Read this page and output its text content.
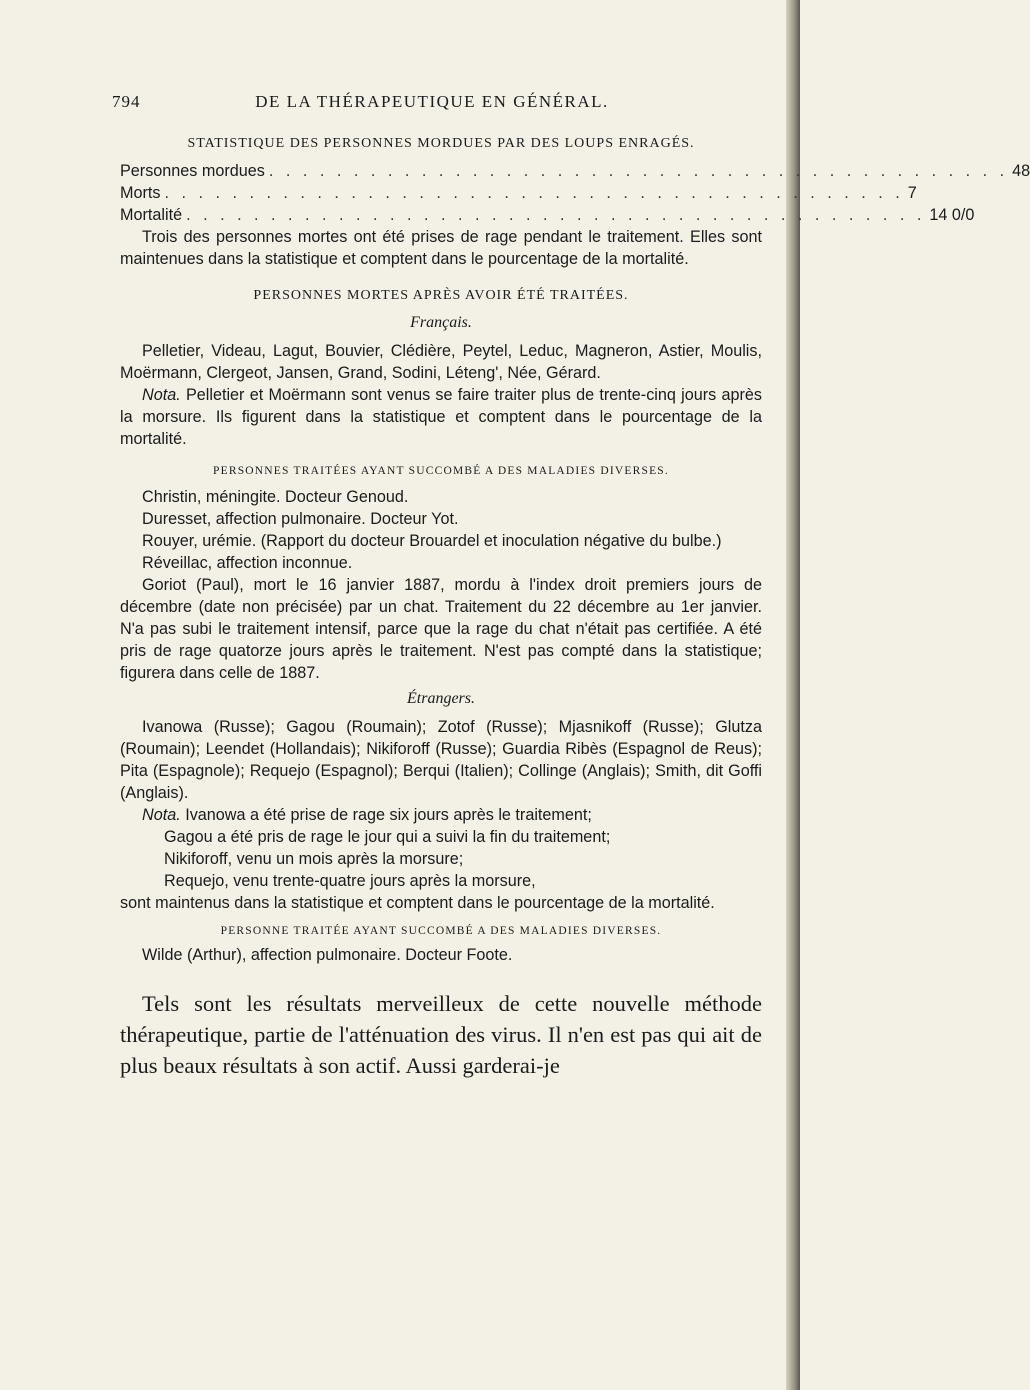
794	DE LA THÉRAPEUTIQUE EN GÉNÉRAL.
STATISTIQUE DES PERSONNES MORDUES PAR DES LOUPS ENRAGÉS.
Personnes mordues . . . . . . . . . . . . . . . . . . . . . . . . . . . . . . . . . . . . . . . . . . . . 48
Morts . . . . . . . . . . . . . . . . . . . . . . . . . . . . . . . . . . . . . . . . . . . . 7
Mortalité . . . . . . . . . . . . . . . . . . . . . . . . . . . . . . . . . . . . . . . . . . . . 14 0/0

Trois des personnes mortes ont été prises de rage pendant le traitement. Elles sont maintenues dans la statistique et comptent dans le pourcentage de la mortalité.

PERSONNES MORTES APRÈS AVOIR ÉTÉ TRAITÉES.
Français.

Pelletier, Videau, Lagut, Bouvier, Clédière, Peytel, Leduc, Magneron, Astier, Moulis, Moërmann, Clergeot, Jansen, Grand, Sodini, Léteng', Née, Gérard.

Nota. Pelletier et Moërmann sont venus se faire traiter plus de trente-cinq jours après la morsure. Ils figurent dans la statistique et comptent dans le pourcentage de la mortalité.

PERSONNES TRAITÉES AYANT SUCCOMBÉ A DES MALADIES DIVERSES.

Christin, méningite. Docteur Genoud.

Duresset, affection pulmonaire. Docteur Yot.

Rouyer, urémie. (Rapport du docteur Brouardel et inoculation négative du bulbe.)

Réveillac, affection inconnue.

Goriot (Paul), mort le 16 janvier 1887, mordu à l'index droit premiers jours de décembre (date non précisée) par un chat. Traitement du 22 décembre au 1er janvier. N'a pas subi le traitement intensif, parce que la rage du chat n'était pas certifiée. A été pris de rage quatorze jours après le traitement. N'est pas compté dans la statistique; figurera dans celle de 1887.

Étrangers.

Ivanowa (Russe); Gagou (Roumain); Zotof (Russe); Mjasnikoff (Russe); Glutza (Roumain); Leendet (Hollandais); Nikiforoff (Russe); Guardia Ribès (Espagnol de Reus); Pita (Espagnole); Requejo (Espagnol); Berqui (Italien); Collinge (Anglais); Smith, dit Goffi (Anglais).

Nota. Ivanowa a été prise de rage six jours après le traitement;

Gagou a été pris de rage le jour qui a suivi la fin du traitement;

Nikiforoff, venu un mois après la morsure;

Requejo, venu trente-quatre jours après la morsure,

sont maintenus dans la statistique et comptent dans le pourcentage de la mortalité.

PERSONNE TRAITÉE AYANT SUCCOMBÉ A DES MALADIES DIVERSES.

Wilde (Arthur), affection pulmonaire. Docteur Foote.

Tels sont les résultats merveilleux de cette nouvelle méthode thérapeutique, partie de l'atténuation des virus. Il n'en est pas qui ait de plus beaux résultats à son actif. Aussi garderai-je
